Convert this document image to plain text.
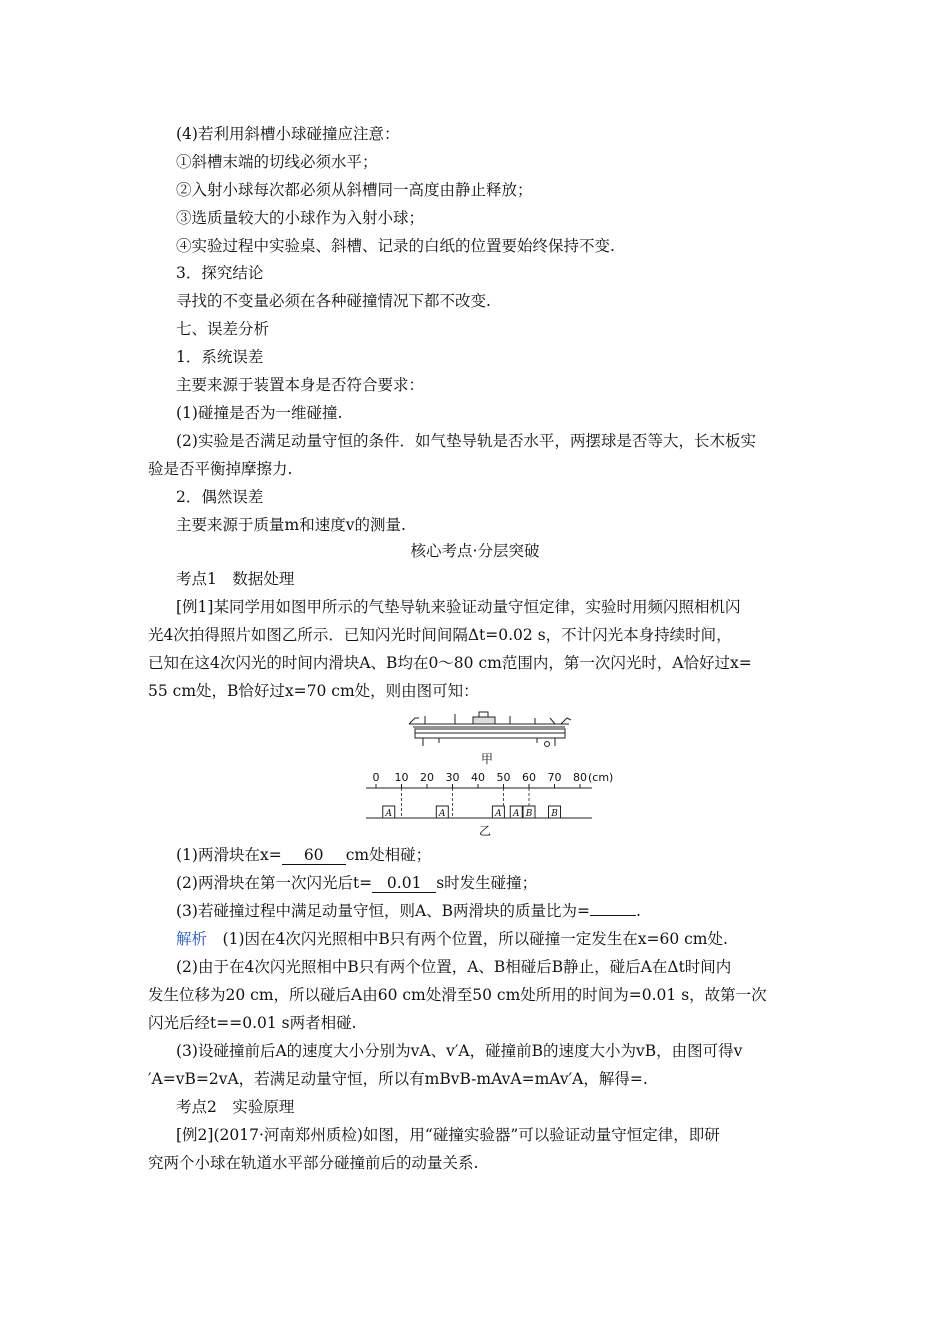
(4)若利用斜槽小球碰撞应注意：
①斜槽末端的切线必须水平；
②入射小球每次都必须从斜槽同一高度由静止释放；
③选质量较大的小球作为入射小球；
④实验过程中实验桌、斜槽、记录的白纸的位置要始终保持不变.
3．探究结论
寻找的不变量必须在各种碰撞情况下都不改变.
七、误差分析
1．系统误差
主要来源于装置本身是否符合要求：
(1)碰撞是否为一维碰撞.
(2)实验是否满足动量守恒的条件．如气垫导轨是否水平，两摆球是否等大，长木板实
验是否平衡掉摩擦力.
2．偶然误差
主要来源于质量m和速度v的测量.
核心考点·分层突破
考点1　数据处理
[例1]某同学用如图甲所示的气垫导轨来验证动量守恒定律，实验时用频闪照相机闪
光4次拍得照片如图乙所示．已知闪光时间间隔Δt=0.02 s，不计闪光本身持续时间，
已知在这4次闪光的时间内滑块A、B均在0～80 cm范围内，第一次闪光时，A恰好过x=
55 cm处，B恰好过x=70 cm处，则由图可知：
甲
0 10 20 30 40 50 60 70 80 (cm)
A	A	A A B B
乙
(1)两滑块在x= 60 cm处相碰；
(2)两滑块在第一次闪光后t= 0.01 s时发生碰撞；
(3)若碰撞过程中满足动量守恒，则A、B两滑块的质量比为=	.
解析　 (1)因在4次闪光照相中B只有两个位置，所以碰撞一定发生在x=60 cm处.
(2)由于在4次闪光照相中B只有两个位置，A、B相碰后B静止，碰后A在Δt时间内
发生位移为20 cm，所以碰后A由60 cm处滑至50 cm处所用的时间为=0.01 s，故第一次
闪光后经t==0.01 s两者相碰.
(3)设碰撞前后A的速度大小分别为vA、v′A，碰撞前B的速度大小为vB，由图可得v
′A=vB=2vA，若满足动量守恒，所以有mBvB-mAvA=mAv′A，解得=.
考点2　实验原理
[例2](2017·河南郑州质检)如图，用“碰撞实验器”可以验证动量守恒定律，即研
究两个小球在轨道水平部分碰撞前后的动量关系.
